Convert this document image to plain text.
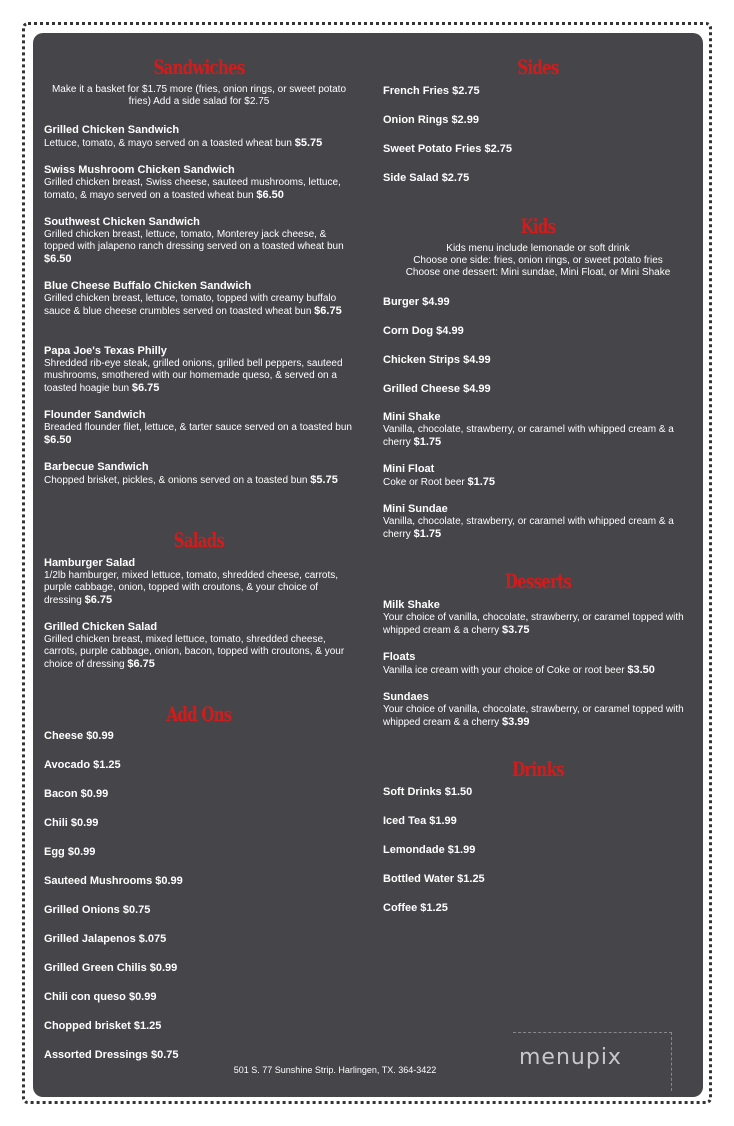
Sandwiches
Make it a basket for $1.75 more (fries, onion rings, or sweet potato fries) Add a side salad for $2.75
Grilled Chicken Sandwich
Lettuce, tomato, & mayo served on a toasted wheat bun $5.75
Swiss Mushroom Chicken Sandwich
Grilled chicken breast, Swiss cheese, sauteed mushrooms, lettuce, tomato, & mayo served on a toasted wheat bun $6.50
Southwest Chicken Sandwich
Grilled chicken breast, lettuce, tomato, Monterey jack cheese, & topped with jalapeno ranch dressing served on a toasted wheat bun $6.50
Blue Cheese Buffalo Chicken Sandwich
Grilled chicken breast, lettuce, tomato, topped with creamy buffalo sauce & blue cheese crumbles served on toasted wheat bun $6.75
Papa Joe's Texas Philly
Shredded rib-eye steak, grilled onions, grilled bell peppers, sauteed mushrooms, smothered with our homemade queso, & served on a toasted hoagie bun $6.75
Flounder Sandwich
Breaded flounder filet, lettuce, & tarter sauce served on a toasted bun $6.50
Barbecue Sandwich
Chopped brisket, pickles, & onions served on a toasted bun $5.75
Salads
Hamburger Salad
1/2lb hamburger, mixed lettuce, tomato, shredded cheese, carrots, purple cabbage, onion, topped with croutons, & your choice of dressing $6.75
Grilled Chicken Salad
Grilled chicken breast, mixed lettuce, tomato, shredded cheese, carrots, purple cabbage, onion, bacon, topped with croutons, & your choice of dressing $6.75
Add Ons
Cheese $0.99
Avocado $1.25
Bacon $0.99
Chili $0.99
Egg $0.99
Sauteed Mushrooms $0.99
Grilled Onions $0.75
Grilled Jalapenos $.075
Grilled Green Chilis $0.99
Chili con queso $0.99
Chopped brisket $1.25
Assorted Dressings $0.75
Sides
French Fries $2.75
Onion Rings $2.99
Sweet Potato Fries $2.75
Side Salad $2.75
Kids
Kids menu include lemonade or soft drink
Choose one side: fries, onion rings, or sweet potato fries
Choose one dessert: Mini sundae, Mini Float, or Mini Shake
Burger $4.99
Corn Dog $4.99
Chicken Strips $4.99
Grilled Cheese $4.99
Mini Shake
Vanilla, chocolate, strawberry, or caramel with whipped cream & a cherry $1.75
Mini Float
Coke or Root beer $1.75
Mini Sundae
Vanilla, chocolate, strawberry, or caramel with whipped cream & a cherry $1.75
Desserts
Milk Shake
Your choice of vanilla, chocolate, strawberry, or caramel topped with whipped cream & a cherry $3.75
Floats
Vanilla ice cream with your choice of Coke or root beer $3.50
Sundaes
Your choice of vanilla, chocolate, strawberry, or caramel topped with whipped cream & a cherry $3.99
Drinks
Soft Drinks $1.50
Iced Tea $1.99
Lemondade $1.99
Bottled Water $1.25
Coffee $1.25
501 S. 77 Sunshine Strip. Harlingen, TX. 364-3422	menupix
